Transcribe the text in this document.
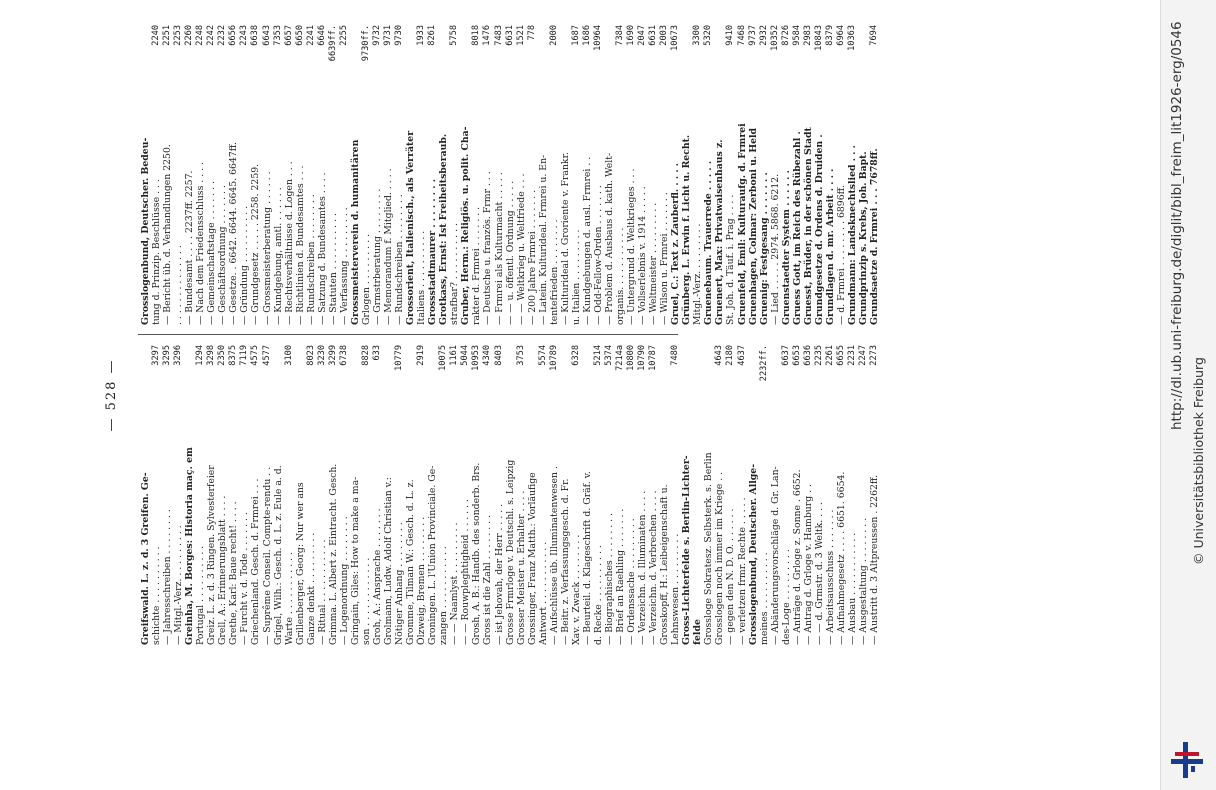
— 528 —
Greifswald. L. z. d. 3 Greifen. Ge- schichte . . . . . . . . . .
3297
— Jahresschreiben . . . . . . . .
3295
— Mitgl.-Verz. . . . . . . . . .
3296
Greinha, M. Borges: Historia maç. em Portugal . . . . . . . . . .
1294
Greiz. L. z. d. 3 Ringen. Sylvesterfeier
3298
Grell, A.: Erinnerungsblatt . . . .
2350
Grethe, Karl: Baue recht! . . . .
8375
— Furcht v. d. Tode . . . . . . .
7119
Griechenland. Gesch. d. Frmrei . . .
4575
— Suprême Conseil. Compte-rendu . .
4577
Grigel, Wilh.: Gesch. d. L. z. Eule a. d. Warte . . . . . . . . . . .
3100
Grillenberger, Georg: Nur wer ans Ganze denkt . . . . . . . . .
8023
— Ritual . . . . . . . . . . .
3230
Grimma. L. Albert z. Eintracht. Gesch.
3299
— Logenordnung . . . . . . . .
6738
Gringain, Giles: How to make a ma- son . . . . . . . . . . . .
8828
Groh, A.: Ansprache . . . . . . .
633
Grolmann, Ludw. Adolf Christian v.: Nötiger Anhang . . . . . . . .
10779
Gromme, Tilman W.: Gesch. d. L. z. Ölzweig, Bremen . . . . . . . .
2919
Groningen. L. l'Union Provinciale. Ge- zangen . . . . . . . . . . .
10075
— — Naamlyst . . . . . . . . .
1161
— — Rouwpleghtigheid . . . . . .
5044
Grosh, A. B.: Handb. des sonderb. Brs.
10953
Gross ist die Zahl . . . . . . . .
4340
— ist Jehovah, der Herr . . . . .
8403
Grosse Frmrloge v. Deutschl. s. Leipzig Grosser Meister u. Erhalter . . . .
3753
Grossinger, Franz Matth.: Vorläufige Antwort . . . . . . . . . . .
5574
— Aufschlüsse üb. Illuminatenwesen .
10789
— Beitr. z. Verfassungsgesch. d. Fr. Xav. v. Zwack . . . . . . . .
6328
— Beurteil. d. Klageschrift d. Gräf. v. d. Recke . . . . . . . . . .
5214
— Biographisches . . . . . . . .
5374
— Brief an Raehling . . . . . . .
7214a
— Ordenssache . . . . . . . . .
10800
— Verzeichn. d. Illuminaten . . . .
10790
— Verzeichn. d. Verbrechen . . . .
10787
Grosskopff, H.: Leibeigenschaft u. Lehnswesen . . . . . . . . .
7480
Gross-Lichterfelde s. Berlin-Lichter- felde Grossloge Sokratesz. Selbsterk. s. Berlin Grosslogen noch immer im Kriege . .
4643
— gegen den N. D. O. . . . . . .
2180
— verletzen frmr. Rechte . . . . .
4637
Grosslogenbund, Deutscher. Allge- meines . . . . . . . . . .
2232ff.
— Abänderungsvorschläge d. Gr. Lan- des-Loge . . . . . . . . .
6637
— Anträge d. Grloge z. Sonne . 6652.
6653
— Antrag d. Grloge v. Hamburg . .
6636
— — d. Grmstr. d. 3 Weltk. . . .
2235
— Arbeitsausschuss . . . . . . .
2261
— Aufnahmegesetz . . . . 6651. 6654.
6655
— Ausbau . . . . . . . . . . .
2231
— Ausgestaltung . . . . . . . .
2247
— Austritt d. 3 Altpreussen . 2262ff.
2273
Grosslogenbund, Deutscher. Bedeu- tung d. Prinzip. Beschlüsse . . .
2240
— Bericht üb. d. Verhandlungen 2250.
2251
. . . . . . . . . . . . . .
2253
— Bundesamt . . . . 2237ff. 2257.
2260
— Nach dem Friedensschluss . . . .
2248
— Gemeinschaftstage . . . . . . .
2242
— Geschäftsordnung . . . . . . .
2232
— Gesetze. . 6642. 6644. 6645. 6647ff.
6656
— Gründung . . . . . . . . . .
2243
— Grundgesetz . . . . . 2258. 2259.
6638
— Grossmeisterberatung . . . . . .
6643
— Kundgebung, amtl. . . . . . .
7353
— Rechtsverhältnisse d. Logen . . .
6657
— Richtlinien d. Bundesamtes . . .
6650
— Rundschreiben . . . . . . . .
2241
— Satzung d. Bundesamtes . . . .
6646
— Statuten . . . . . . . . . .
6639ff.
— Verfassung . . . . . . . . .
2255
Grossmeisterverein d. humanitären Grlogen . . . . . . . . .
9730ff.
— Grmstrberatung . . . . . . . .
9732
— Memorandum f. Mitglied. . . . .
9731
— Rundschreiben . . . . . . . .
9730
Grossorient, Italienisch., als Verräter Italiens . . . . . . . . . .
1933
Grossstadtmaurer . . . . . . . .
8261
Grotkass, Ernst: Ist Freiheitsberaub. strafbar? . . . . . . . . . .
5758
Gruber, Herm.: Religiös. u. polit. Cha- rakter d. Frmrei . . . . . . .
8018
— Deutsche u. französ. Frmr . . .
1476
— Frmrei als Kulturmacht . . . . .
7483
— — u. öffentl. Ordnung . . . . .
6631
— — Weltkrieg u. Weltfriede . . .
1521
— 200 Jahre Frmrei . . . . . . .
778
— Latein. Kulturideal. Frmrei u. En- tentefrieden . . . . . . . .
2000
— Kulturideal d. Groriente v. Frankr. u. Italien . . . . . . . . .
1687
— Kundgebungen d. ausl. Frmrei . .
1686
— Odd-Fellow-Orden . . . . . . .
10964
— Problem d. Ausbaus d. kath. Welt- organis. . . . . . . . . . .
7384
— Untergrund d. Weltkrieges . . .
1690
— Vollserlebnis v. 1914 . . . . .
2047
— Weltmeister . . . . . . . . .
6631
— Wilson u. Frmrei . . . . . . .
2003
Gruel, C.: Text z. Zauberfl. . . . .
10673
Grünberg. L. Erwin f. Licht u. Recht. Mitgl.-Verz. . . . . . . . .
3300
Gruenebaum. Trauerrede . . . . .
5320
Gruenert, Max: Privatwaisenhaus z. St. Joh. d. Täuf. i. Prag . . . .
9410
Gruenfeld, Emil: Kulturaufg. d. Frmrei
7468
Gruenhagen, Colmar: Zerboni u. Held
9737
Gruenig: Festgesang . . . . . . .
2932
— Lied . . . . . 2974. 5868. 6212.
10352
Gruenstaedter System . . . . . .
8726
Gruess Gott, im Reich des Rübezahl .
9584
Gruesst, Brüder, in der schönen Stadt
2983
Grundgesetze d. Ordens d. Druiden .
10843
Grundlagen d. mr. Arbeit . . . .
8379
— d. Frmrei . . . . . . . . 6896ff.
6964
Grundmann: Landsknechtslied . . .
10363
Grundprinzip s. Krebs, Joh. Bapt. Grundsaetze d. Frmrei . . . 7678ff.
7694	http://dl.ub.uni-freiburg.de/diglit/bibl_freim_lit1926-erg/0546
© Universitätsbibliothek Freiburg
